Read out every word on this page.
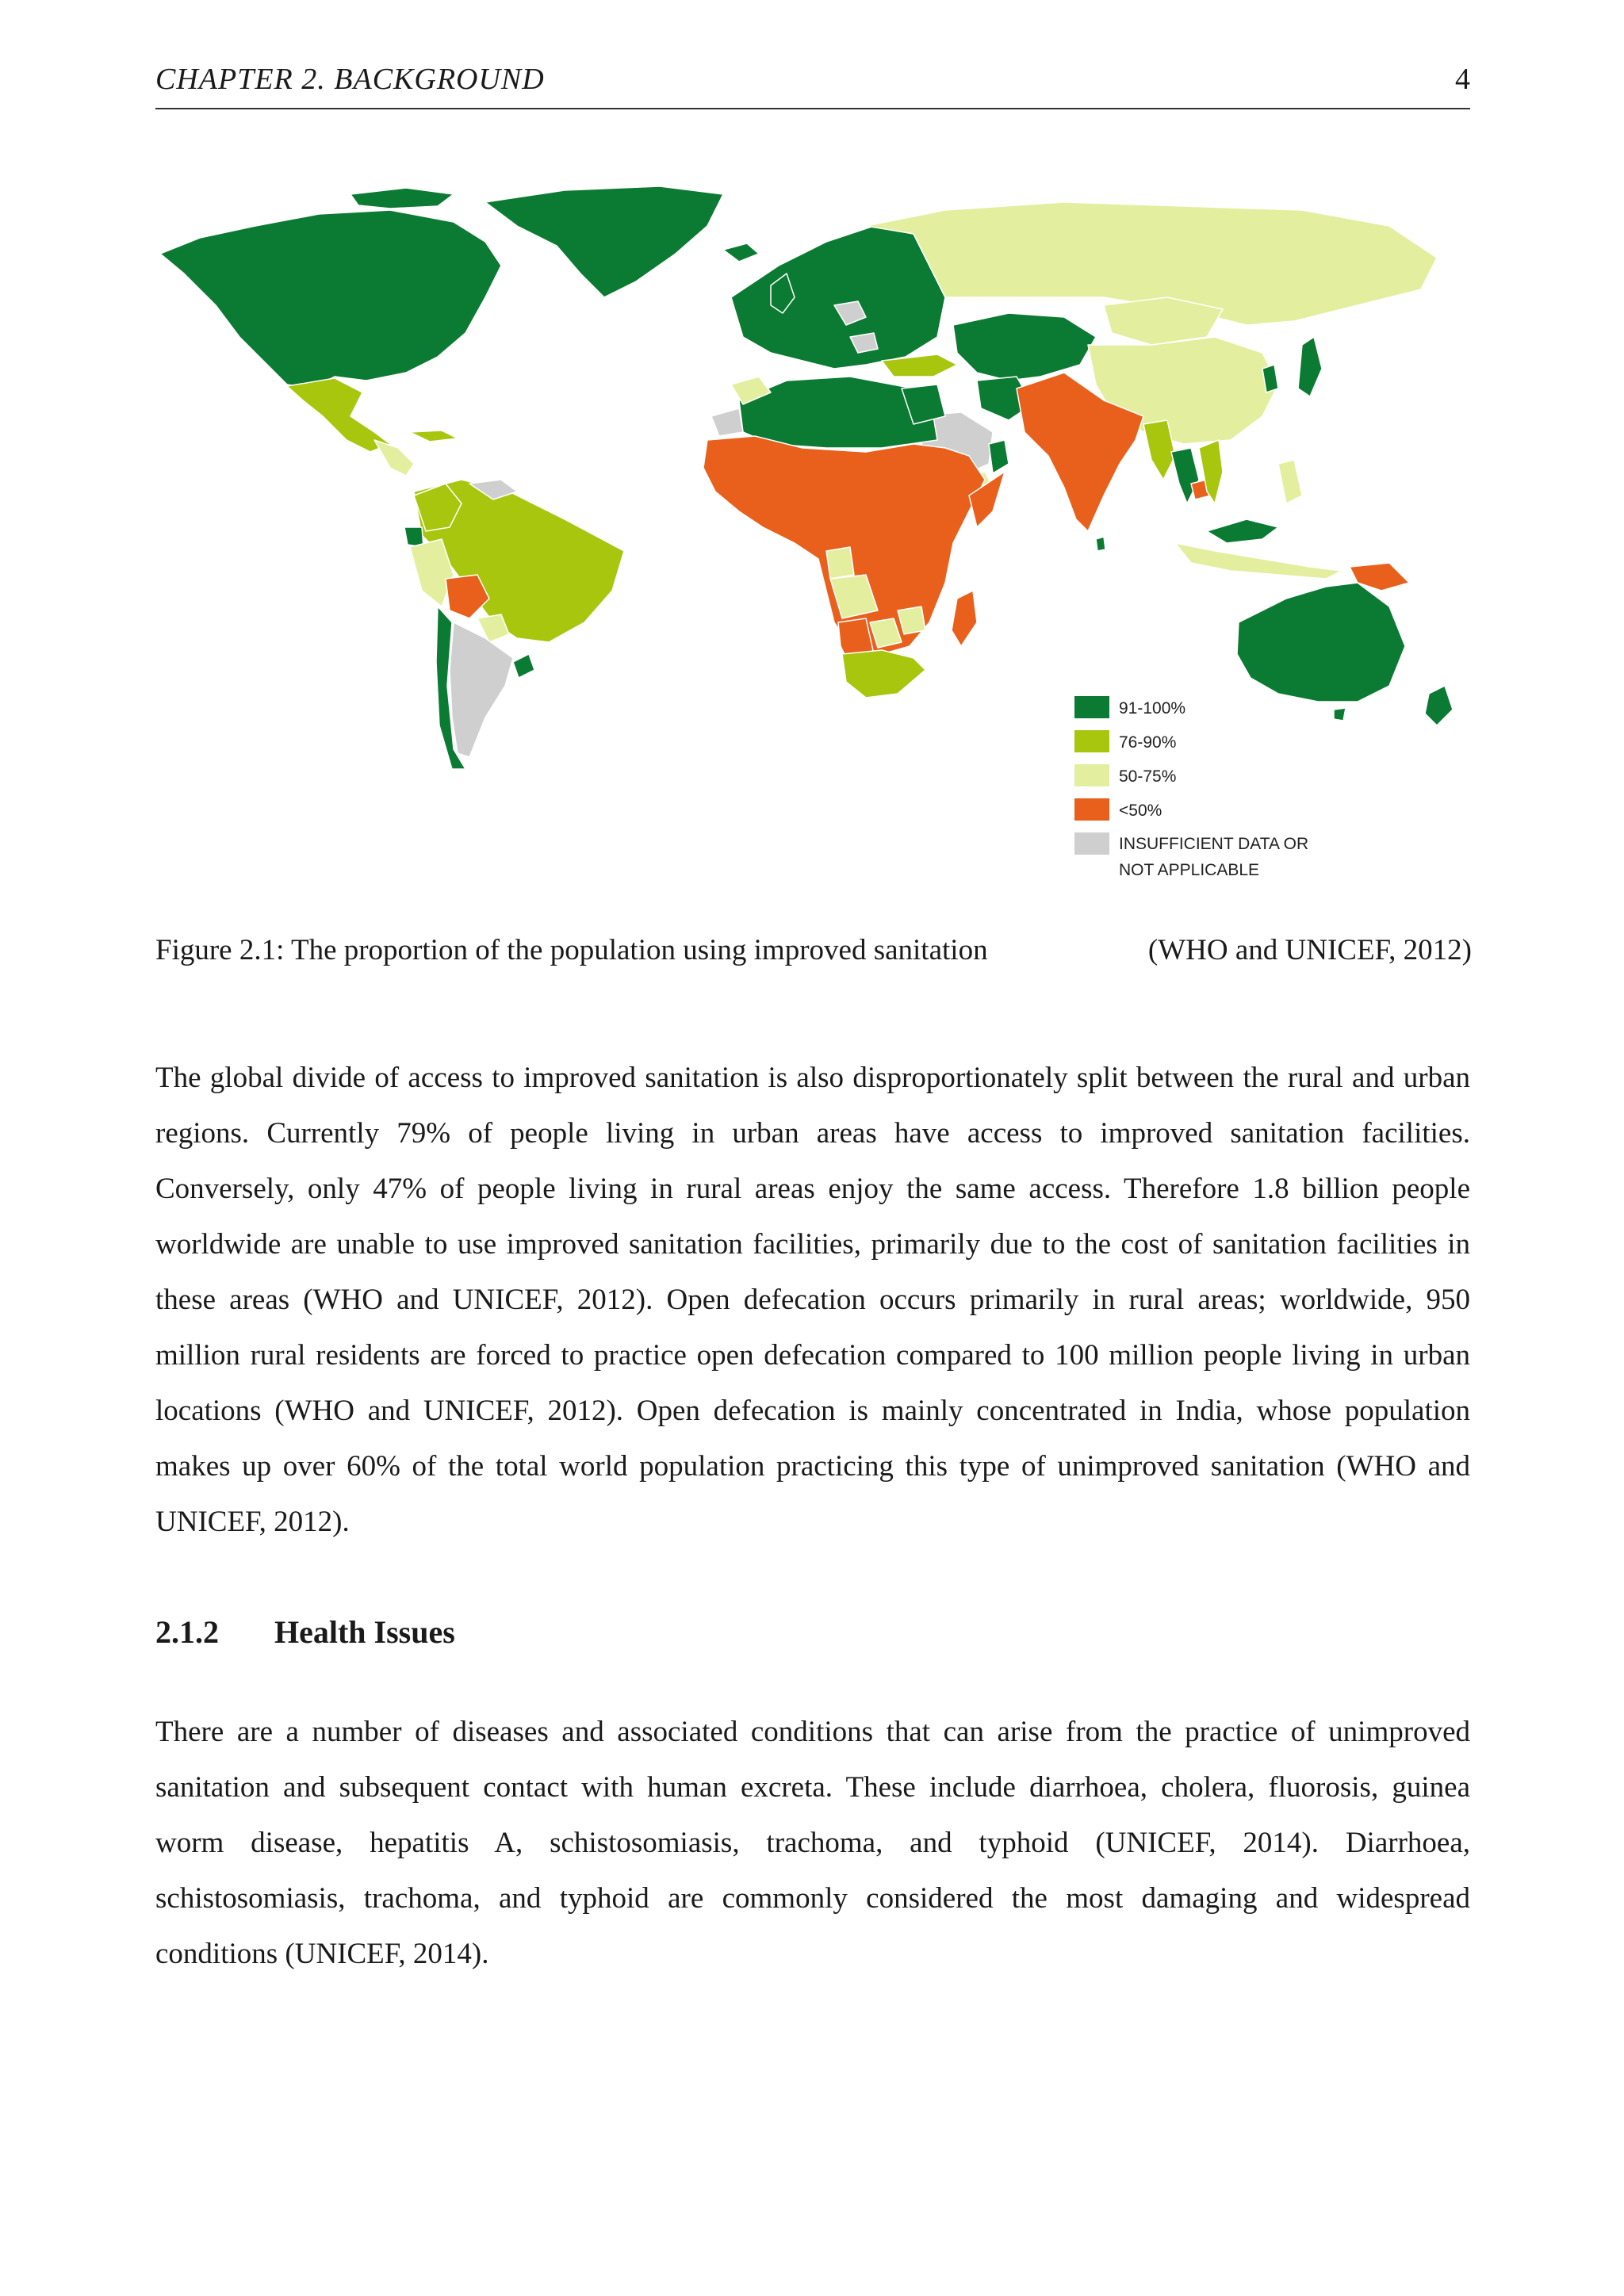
CHAPTER 2. BACKGROUND	4
91-100%
76-90%
50-75%
<50%
INSUFFICIENT DATA OR
NOT APPLICABLE
Figure 2.1: The proportion of the population using improved sanitation	(WHO and UNICEF, 2012)

The global divide of access to improved sanitation is also disproportionately split between the rural and urban regions. Currently 79% of people living in urban areas have access to improved sanitation facilities. Conversely, only 47% of people living in rural areas enjoy the same access. Therefore 1.8 billion people worldwide are unable to use improved sanitation facilities, primarily due to the cost of sanitation facilities in these areas (WHO and UNICEF, 2012). Open defecation occurs primarily in rural areas; worldwide, 950 million rural residents are forced to practice open defecation compared to 100 million people living in urban locations (WHO and UNICEF, 2012). Open defecation is mainly concentrated in India, whose population makes up over 60% of the total world population practicing this type of unimproved sanitation (WHO and UNICEF, 2012).

2.1.2 Health Issues

There are a number of diseases and associated conditions that can arise from the practice of unimproved sanitation and subsequent contact with human excreta. These include diarrhoea, cholera, fluorosis, guinea worm disease, hepatitis A, schistosomiasis, trachoma, and typhoid (UNICEF, 2014). Diarrhoea, schistosomiasis, trachoma, and typhoid are commonly considered the most damaging and widespread conditions (UNICEF, 2014).
